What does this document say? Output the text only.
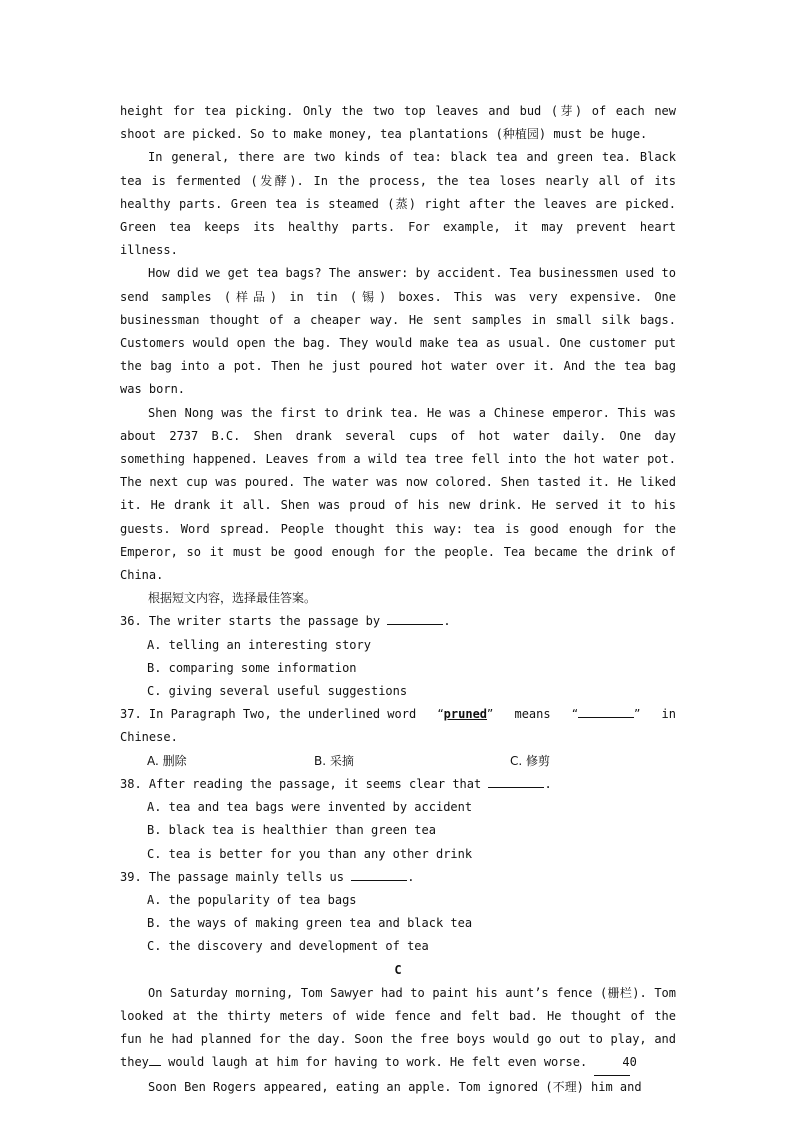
height for tea picking. Only the two top leaves and bud (芽) of each new shoot are picked. So to make money, tea plantations (种植园) must be huge.

In general, there are two kinds of tea: black tea and green tea. Black tea is fermented (发酵). In the process, the tea loses nearly all of its healthy parts. Green tea is steamed (蒸) right after the leaves are picked. Green tea keeps its healthy parts. For example, it may prevent heart illness.

How did we get tea bags? The answer: by accident. Tea businessmen used to send samples (样品) in tin (锡) boxes. This was very expensive. One businessman thought of a cheaper way. He sent samples in small silk bags. Customers would open the bag. They would make tea as usual. One customer put the bag into a pot. Then he just poured hot water over it. And the tea bag was born.

Shen Nong was the first to drink tea. He was a Chinese emperor. This was about 2737 B.C. Shen drank several cups of hot water daily. One day something happened. Leaves from a wild tea tree fell into the hot water pot. The next cup was poured. The water was now colored. Shen tasted it. He liked it. He drank it all. Shen was proud of his new drink. He served it to his guests. Word spread. People thought this way: tea is good enough for the Emperor, so it must be good enough for the people. Tea became the drink of China.

根据短文内容，选择最佳答案。

36. The writer starts the passage by	.

A. telling an interesting story

B. comparing some information

C. giving several useful suggestions

37. In Paragraph Two, the underlined word “pruned” means “	” in

Chinese.

A. 删除	B. 采摘	C. 修剪

38. After reading the passage, it seems clear that	.

A. tea and tea bags were invented by accident

B. black tea is healthier than green tea

C. tea is better for you than any other drink

39. The passage mainly tells us	.

A. the popularity of tea bags

B. the ways of making green tea and black tea

C. the discovery and development of tea

C

On Saturday morning, Tom Sawyer had to paint his aunt’s fence (栅栏). Tom looked at the thirty meters of wide fence and felt bad. He thought of the fun he had planned for the day. Soon the free boys would go out to play, and they would laugh at him for having to work. He felt even worse.	40

Soon Ben Rogers appeared, eating an apple. Tom ignored (不理) him and
